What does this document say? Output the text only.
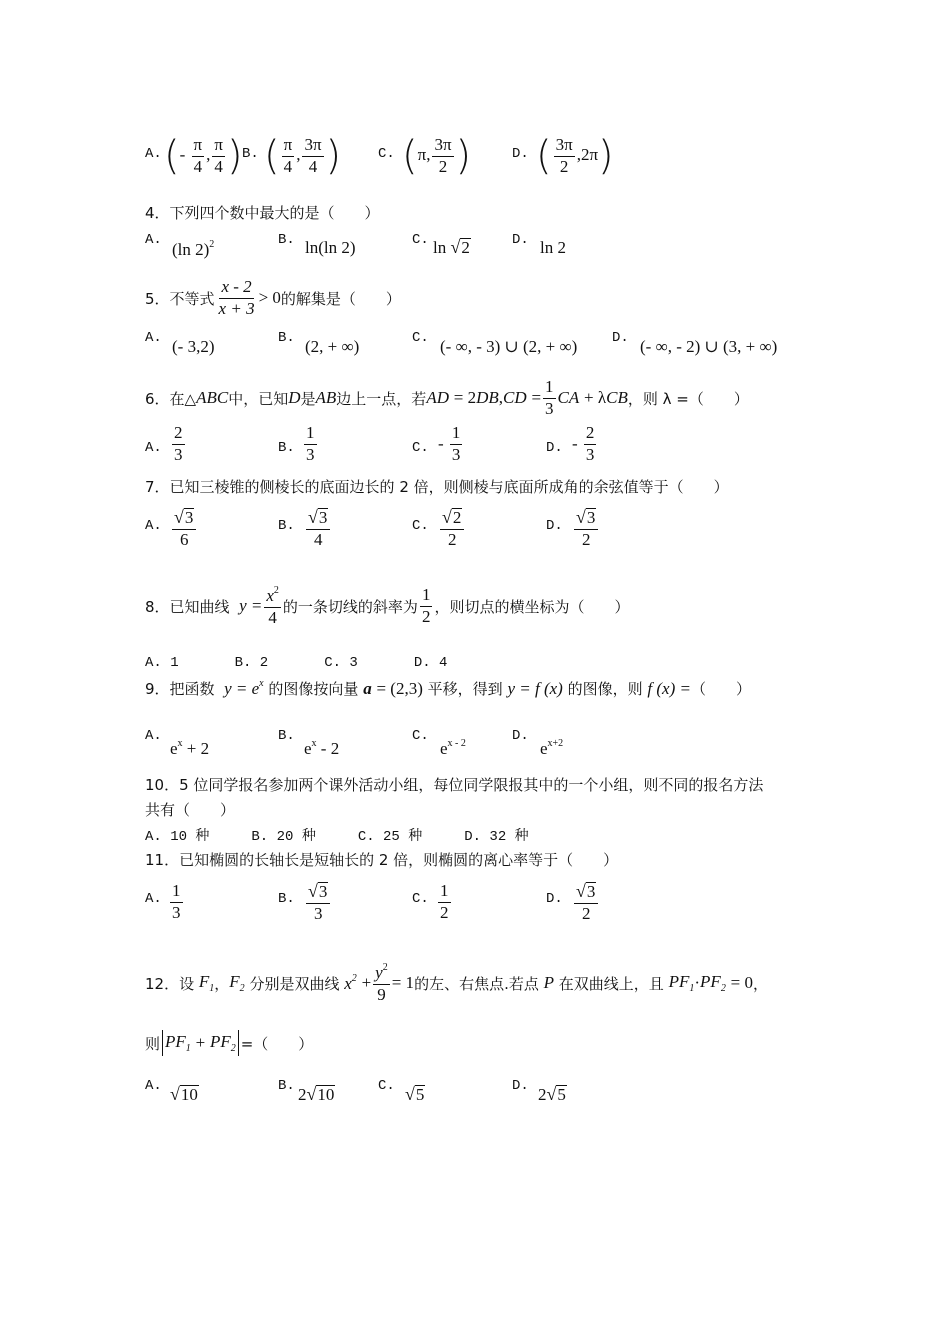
A. (- $\frac{\pi}{4}$ , $\frac{\pi}{4}$ ) B. ( $\frac{\pi}{4}$ , $\frac{3\pi}{4}$ )	C. (π, $\frac{3\pi}{2}$ )	D. ( $\frac{3\pi}{2} ,2\pi$)
4．下列四个数中最大的是（　　）
A. (ln 2)$^2$	B. ln(ln 2)	C. ln √ 2	D. ln 2
5．不等式 $\frac{x - 2}{x + 3} > 0$ 的解集是（　　）
A. (- 3,2)	B. (2, + ∞)	C. (- ∞, - 3) ∪ (2, + ∞) D. (- ∞, - 2) ∪ (3, + ∞)
6．在△ ABC 中，已知 D 是 AB 边上一点，若 AD
= 2 DB , CD
= $\frac{1}{3}$ CA
+ λ CB ，则 λ =（　　）
A. $\frac{2}{3}$	B. $\frac{1}{3}$	C. -
$\frac{1}{3}$	D. -
$\frac{2}{3}$
7．已知三棱锥的侧棱长的底面边长的 2 倍，则侧棱与底面所成角的余弦值等于（　　）
A. $\frac{√ 3}{6}$	B. $\frac{√ 3}{4}$	C. $\frac{√ 2}{2}$	D. $\frac{√ 3}{2}$
8．已知曲线
$y = \frac{x^2}{4}$ 的一条切线的斜率为 $\frac{1}{2}$ ，则切点的横坐标为（　　）
A. 1　　　　B. 2　　　　C. 3　　　　D. 4
9．把函数
$y = e^x$
的图像按向量
a
= (2,3)
平移，得到
y = f (x)
的图像，则
f (x) = （　　）
A.
$e^x + 2$
B.
$e^x - 2$
C.
$e^{x - 2}$	D.
$e^{x+2}$
10．5 位同学报名参加两个课外活动小组，每位同学限报其中的一个小组，则不同的报名方法
共有（　　）
A. 10 种　　　B. 20 种　　　C. 25 种　　　D. 32 种
11．已知椭圆的长轴长是短轴长的 2 倍，则椭圆的离心率等于（　　）
A. $\frac{1}{3}$	B. $\frac{√ 3}{3}$	C. $\frac{1}{2}$	D. $\frac{√ 3}{2}$
12．设
$F_1$ ， $F_2$
分别是双曲线
$x^2$
+ $\frac{y^2}{9} = 1$ 的左、右焦点.若点
P
在双曲线上，且
$PF_1 \cdot PF_2$
= 0 ，
则 $PF_1$
+
$PF_2$ =（　　）
A. √ 10	B. 2 √ 10	C. √ 5	D. 2 √ 5
